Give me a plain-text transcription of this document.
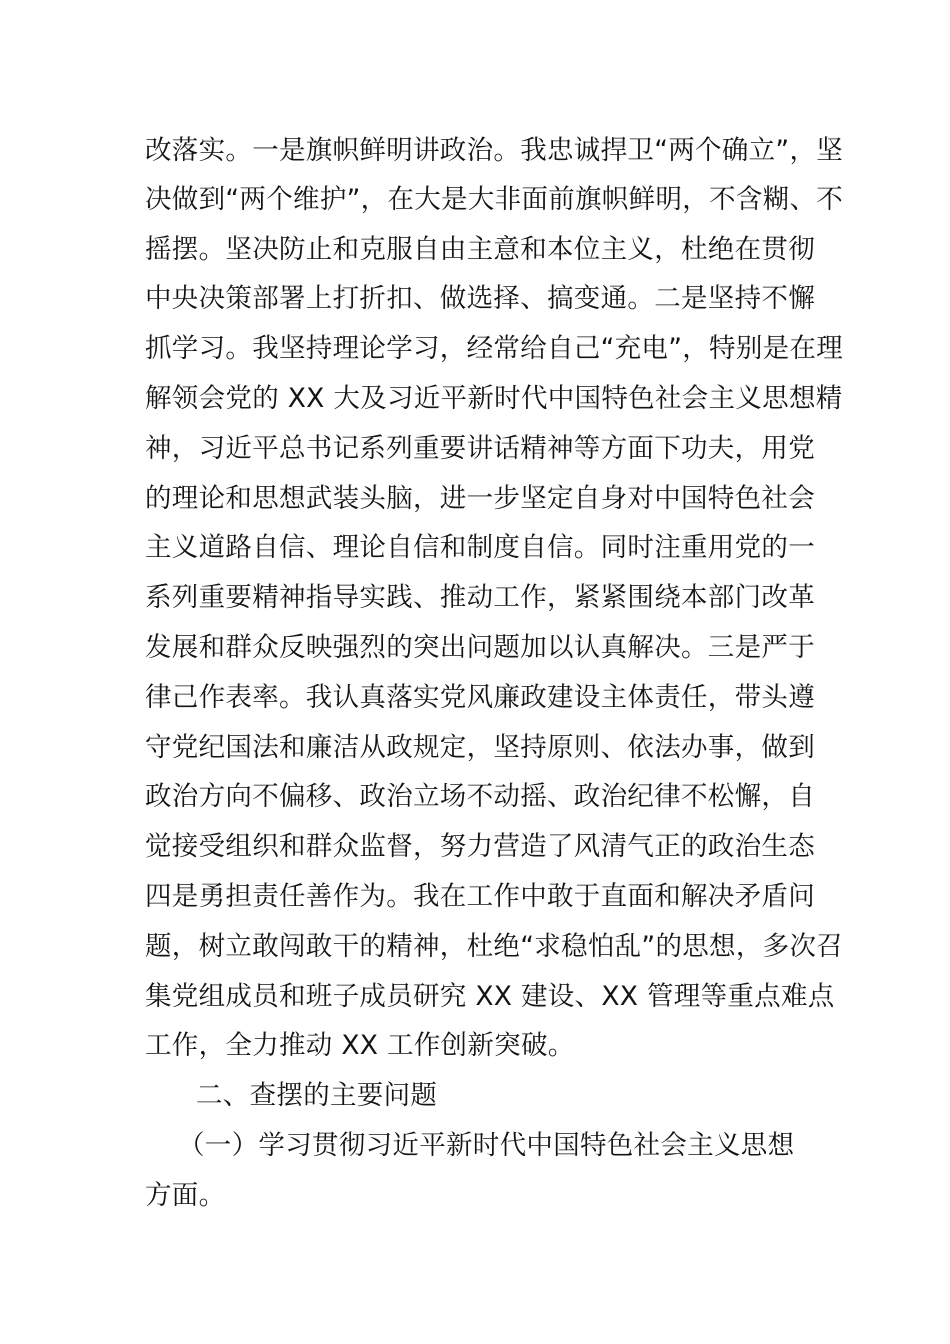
改落实。一是旗帜鲜明讲政治。我忠诚捍卫“两个确立”，坚
决做到“两个维护”，在大是大非面前旗帜鲜明，不含糊、不
摇摆。坚决防止和克服自由主意和本位主义，杜绝在贯彻
中央决策部署上打折扣、做选择、搞变通。二是坚持不懈
抓学习。我坚持理论学习，经常给自己“充电”，特别是在理
解领会党的 XX 大及习近平新时代中国特色社会主义思想精
神，习近平总书记系列重要讲话精神等方面下功夫，用党
的理论和思想武装头脑，进一步坚定自身对中国特色社会
主义道路自信、理论自信和制度自信。同时注重用党的一
系列重要精神指导实践、推动工作，紧紧围绕本部门改革
发展和群众反映强烈的突出问题加以认真解决。三是严于
律己作表率。我认真落实党风廉政建设主体责任，带头遵
守党纪国法和廉洁从政规定，坚持原则、依法办事，做到
政治方向不偏移、政治立场不动摇、政治纪律不松懈，自
觉接受组织和群众监督，努力营造了风清气正的政治生态
四是勇担责任善作为。我在工作中敢于直面和解决矛盾问
题，树立敢闯敢干的精神，杜绝“求稳怕乱”的思想，多次召
集党组成员和班子成员研究 XX 建设、XX 管理等重点难点
工作，全力推动 XX 工作创新突破。
二、查摆的主要问题
（一）学习贯彻习近平新时代中国特色社会主义思想
方面。
